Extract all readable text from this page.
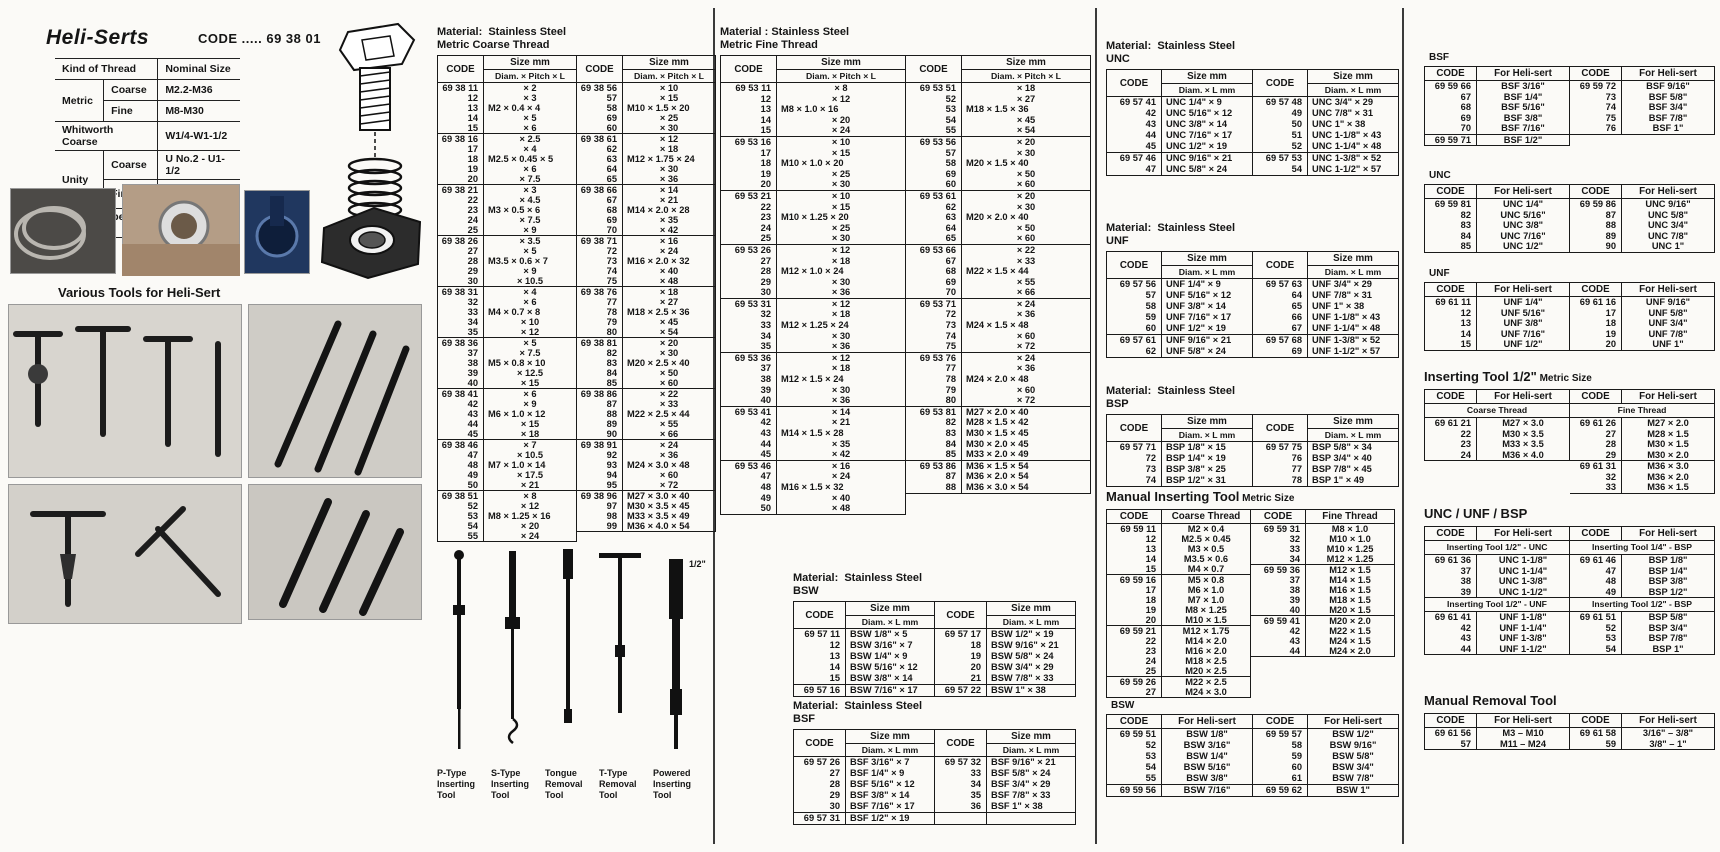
Heli-Serts	CODE ..... 69 38 01
Kind of Thread		Nominal Size
Metric	Coarse	M2.2-M36
	Fine	M8-M30
Whitworth Coarse		W1/4-W1-1/2
Unity	Coarse	U No.2 - U1-1/2

Various Tools for Heli-Sert
Material:  Stainless Steel
Metric Coarse Thread
CODE
Size mm
Diam. × Pitch × L
69 38 11	× 2
12	× 3
13	M2 × 0.4 × 4
14	× 5
15	× 6
69 38 16	× 2.5
17	× 4
18	M2.5 × 0.45 × 5
19	× 6
20	× 7.5
69 38 21	× 3
22	× 4.5
23	M3 × 0.5 × 6
24	× 7.5
25	× 9
69 38 26	× 3.5
27	× 5
28	M3.5 × 0.6 × 7
29	× 9
30	× 10.5
69 38 31	× 4
32	× 6
33	M4 × 0.7 × 8
34	× 10
35	× 12
69 38 36	× 5
37	× 7.5
38	M5 × 0.8 × 10
39	× 12.5
40	× 15
69 38 41	× 6
42	× 9
43	M6 × 1.0 × 12
44	× 15
45	× 18
69 38 46	× 7
47	× 10.5
48	M7 × 1.0 × 14
49	× 17.5
50	× 21
69 38 51	× 8
52	× 12
53	M8 × 1.25 × 16
54	× 20
55	× 24
CODE
Size mm
Diam. × Pitch × L
69 38 56	× 10
57	× 15
58	M10 × 1.5 × 20
69	× 25
60	× 30
69 38 61	× 12
62	× 18
63	M12 × 1.75 × 24
64	× 30
65	× 36
69 38 66	× 14
67	× 21
68	M14 × 2.0 × 28
69	× 35
70	× 42
69 38 71	× 16
72	× 24
73	M16 × 2.0 × 32
74	× 40
75	× 48
69 38 76	× 18
77	× 27
78	M18 × 2.5 × 36
79	× 45
80	× 54
69 38 81	× 20
82	× 30
83	M20 × 2.5 × 40
84	× 50
85	× 60
69 38 86	× 22
87	× 33
88	M22 × 2.5 × 44
89	× 55
90	× 66
69 38 91	× 24
92	× 36
93	M24 × 3.0 × 48
94	× 60
95	× 72
69 38 96	M27 × 3.0 × 40
97	M30 × 3.5 × 45
98	M33 × 3.5 × 49
99	M36 × 4.0 × 54
1/2"
P-Type Inserting Tool
S-Type Inserting Tool
Tongue Removal Tool
T-Type Removal Tool
Powered Inserting Tool
Material : Stainless Steel
Metric Fine Thread
CODE
Size mm
Diam. × Pitch × L
69 53 11	× 8
12	× 12
13	M8 × 1.0 × 16
14	× 20
15	× 24
69 53 16	× 10
17	× 15
18	M10 × 1.0 × 20
19	× 25
20	× 30
69 53 21	× 10
22	× 15
23	M10 × 1.25 × 20
24	× 25
25	× 30
69 53 26	× 12
27	× 18
28	M12 × 1.0 × 24
29	× 30
30	× 36
69 53 31	× 12
32	× 18
33	M12 × 1.25 × 24
34	× 30
35	× 36
69 53 36	× 12
37	× 18
38	M12 × 1.5 × 24
39	× 30
40	× 36
69 53 41	× 14
42	× 21
43	M14 × 1.5 × 28
44	× 35
45	× 42
69 53 46	× 16
47	× 24
48	M16 × 1.5 × 32
49	× 40
50	× 48
CODE
Size mm
Diam. × Pitch × L
69 53 51	× 18
52	× 27
53	M18 × 1.5 × 36
54	× 45
55	× 54
69 53 56	× 20
57	× 30
58	M20 × 1.5 × 40
69	× 50
60	× 60
69 53 61	× 20
62	× 30
63	M20 × 2.0 × 40
64	× 50
65	× 60
69 53 66	× 22
67	× 33
68	M22 × 1.5 × 44
69	× 55
70	× 66
69 53 71	× 24
72	× 36
73	M24 × 1.5 × 48
74	× 60
75	× 72
69 53 76	× 24
77	× 36
78	M24 × 2.0 × 48
79	× 60
80	× 72
69 53 81	M27 × 2.0 × 40
82	M28 × 1.5 × 42
83	M30 × 1.5 × 45
84	M30 × 2.0 × 45
85	M33 × 2.0 × 49
69 53 86	M36 × 1.5 × 54
87	M36 × 2.0 × 54
88	M36 × 3.0 × 54
Material:  Stainless Steel
BSW
CODE
Size mm
Diam. × L mm
69 57 11	BSW 1/8" × 5
12	BSW 3/16" × 7
13	BSW 1/4" × 9
14	BSW 5/16" × 12
15	BSW 3/8" × 14
69 57 16	BSW 7/16" × 17
CODE
Size mm
Diam. × L mm
69 57 17	BSW 1/2" × 19
18	BSW 9/16" × 21
19	BSW 5/8" × 24
20	BSW 3/4" × 29
21	BSW 7/8" × 33
69 57 22	BSW 1" × 38
Material:  Stainless Steel
BSF
CODE
Size mm
Diam. × L mm
69 57 26	BSF 3/16" × 7
27	BSF 1/4" × 9
28	BSF 5/16" × 12
29	BSF 3/8" × 14
30	BSF 7/16" × 17
69 57 31	BSF 1/2" × 19
CODE
Size mm
Diam. × L mm
69 57 32	BSF 9/16" × 21
33	BSF 5/8" × 24
34	BSF 3/4" × 29
35	BSF 7/8" × 33
36	BSF 1" × 38
Material:  Stainless Steel
UNC
CODE
Size mm
Diam. × L mm
69 57 41	UNC 1/4" × 9
42	UNC 5/16" × 12
43	UNC 3/8" × 14
44	UNC 7/16" × 17
45	UNC 1/2" × 19
69 57 46	UNC 9/16" × 21
47	UNC 5/8" × 24
CODE
Size mm
Diam. × L mm
69 57 48	UNC 3/4" × 29
49	UNC 7/8" × 31
50	UNC 1" × 38
51	UNC 1-1/8" × 43
52	UNC 1-1/4" × 48
69 57 53	UNC 1-3/8" × 52
54	UNC 1-1/2" × 57
Material:  Stainless Steel
UNF
CODE
Size mm
Diam. × L mm
69 57 56	UNF 1/4" × 9
57	UNF 5/16" × 12
58	UNF 3/8" × 14
59	UNF 7/16" × 17
60	UNF 1/2" × 19
69 57 61	UNF 9/16" × 21
62	UNF 5/8" × 24
CODE
Size mm
Diam. × L mm
69 57 63	UNF 3/4" × 29
64	UNF 7/8" × 31
65	UNF 1" × 38
66	UNF 1-1/8" × 43
67	UNF 1-1/4" × 48
69 57 68	UNF 1-3/8" × 52
69	UNF 1-1/2" × 57
Material:  Stainless Steel
BSP
CODE
Size mm
Diam. × L mm
69 57 71	BSP 1/8" × 15
72	BSP 1/4" × 19
73	BSP 3/8" × 25
74	BSP 1/2" × 31
CODE
Size mm
Diam. × L mm
69 57 75	BSP 5/8" × 34
76	BSP 3/4" × 40
77	BSP 7/8" × 45
78	BSP 1" × 49
Manual Inserting Tool Metric Size
CODE	Coarse Thread
69 59 11	M2 × 0.4
12	M2.5 × 0.45
13	M3 × 0.5
14	M3.5 × 0.6
15	M4 × 0.7
69 59 16	M5 × 0.8
17	M6 × 1.0
18	M7 × 1.0
19	M8 × 1.25
20	M10 × 1.5
69 59 21	M12 × 1.75
22	M14 × 2.0
23	M16 × 2.0
24	M18 × 2.5
25	M20 × 2.5
69 59 26	M22 × 2.5
27	M24 × 3.0
CODE	Fine Thread
69 59 31	M8 × 1.0
32	M10 × 1.0
33	M10 × 1.25
34	M12 × 1.25
69 59 36	M12 × 1.5
37	M14 × 1.5
38	M16 × 1.5
39	M18 × 1.5
40	M20 × 1.5
69 59 41	M20 × 2.0
42	M22 × 1.5
43	M24 × 1.5
44	M24 × 2.0
BSW
CODE	For Heli-sert
69 59 51	BSW 1/8"
52	BSW 3/16"
53	BSW 1/4"
54	BSW 5/16"
55	BSW 3/8"
69 59 56	BSW 7/16"
CODE	For Heli-sert
69 59 57	BSW 1/2"
58	BSW 9/16"
59	BSW 5/8"
60	BSW 3/4"
61	BSW 7/8"
69 59 62	BSW 1"
BSF
CODE	For Heli-sert
69 59 66	BSF 3/16"
67	BSF 1/4"
68	BSF 5/16"
69	BSF 3/8"
70	BSF 7/16"
69 59 71	BSF 1/2"
CODE	For Heli-sert
69 59 72	BSF 9/16"
73	BSF 5/8"
74	BSF 3/4"
75	BSF 7/8"
76	BSF 1"
UNC
CODE	For Heli-sert
69 59 81	UNC 1/4"
82	UNC 5/16"
83	UNC 3/8"
84	UNC 7/16"
85	UNC 1/2"
CODE	For Heli-sert
69 59 86	UNC 9/16"
87	UNC 5/8"
88	UNC 3/4"
89	UNC 7/8"
90	UNC 1"
UNF
CODE	For Heli-sert
69 61 11	UNF 1/4"
12	UNF 5/16"
13	UNF 3/8"
14	UNF 7/16"
15	UNF 1/2"
CODE	For Heli-sert
69 61 16	UNF 9/16"
17	UNF 5/8"
18	UNF 3/4"
19	UNF 7/8"
20	UNF 1"
Inserting Tool 1/2" Metric Size
CODE	For Heli-sert
Coarse Thread
69 61 21	M27 × 3.0
22	M30 × 3.5
23	M33 × 3.5
24	M36 × 4.0
CODE	For Heli-sert
Fine Thread
69 61 26	M27 × 2.0
27	M28 × 1.5
28	M30 × 1.5
29	M30 × 2.0
69 61 31	M36 × 3.0
32	M36 × 2.0
33	M36 × 1.5
UNC / UNF / BSP
CODE	For Heli-sert
Inserting Tool 1/2" - UNC
69 61 36	UNC 1-1/8"
37	UNC 1-1/4"
38	UNC 1-3/8"
39	UNC 1-1/2"
Inserting Tool 1/2" - UNF
69 61 41	UNF 1-1/8"
42	UNF 1-1/4"
43	UNF 1-3/8"
44	UNF 1-1/2"
CODE	For Heli-sert
Inserting Tool 1/4" - BSP
69 61 46	BSP 1/8"
47	BSP 1/4"
48	BSP 3/8"
49	BSP 1/2"
Inserting Tool 1/2" - BSP
69 61 51	BSP 5/8"
52	BSP 3/4"
53	BSP 7/8"
54	BSP 1"
Manual Removal Tool
CODE	For Heli-sert
69 61 56	M3 – M10
57	M11 – M24
CODE	For Heli-sert
69 61 58	3/16" – 3/8"
59	3/8" – 1"
